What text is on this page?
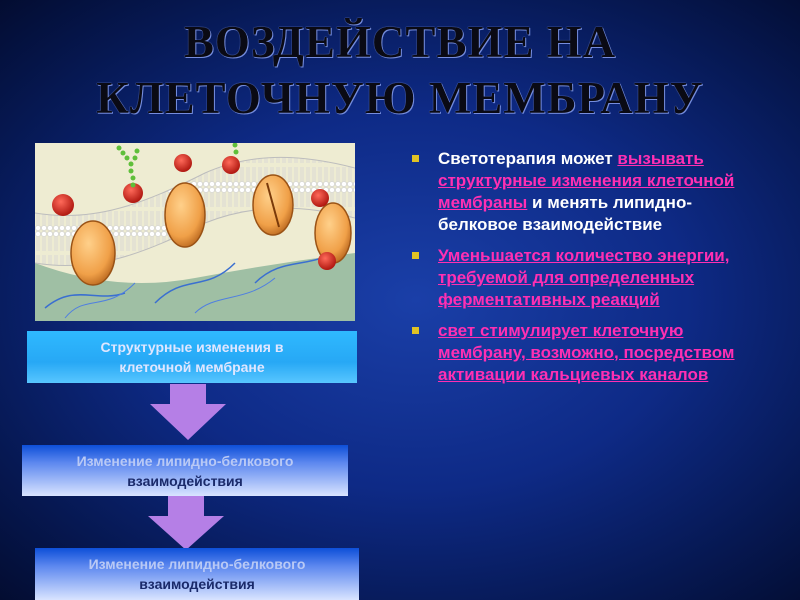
ВОЗДЕЙСТВИЕ НА
КЛЕТОЧНУЮ МЕМБРАНУ
Структурные изменения в
клеточной мембране
Изменение липидно-белкового
взаимодействия
Изменение липидно-белкового
взаимодействия
Светотерапия может вызывать структурные изменения клеточной мембраны и менять липидно-белковое взаимодействие
Уменьшается количество энергии, требуемой для определенных ферментативных реакций
свет стимулирует клеточную мембрану, возможно, посредством активации кальциевых каналов
